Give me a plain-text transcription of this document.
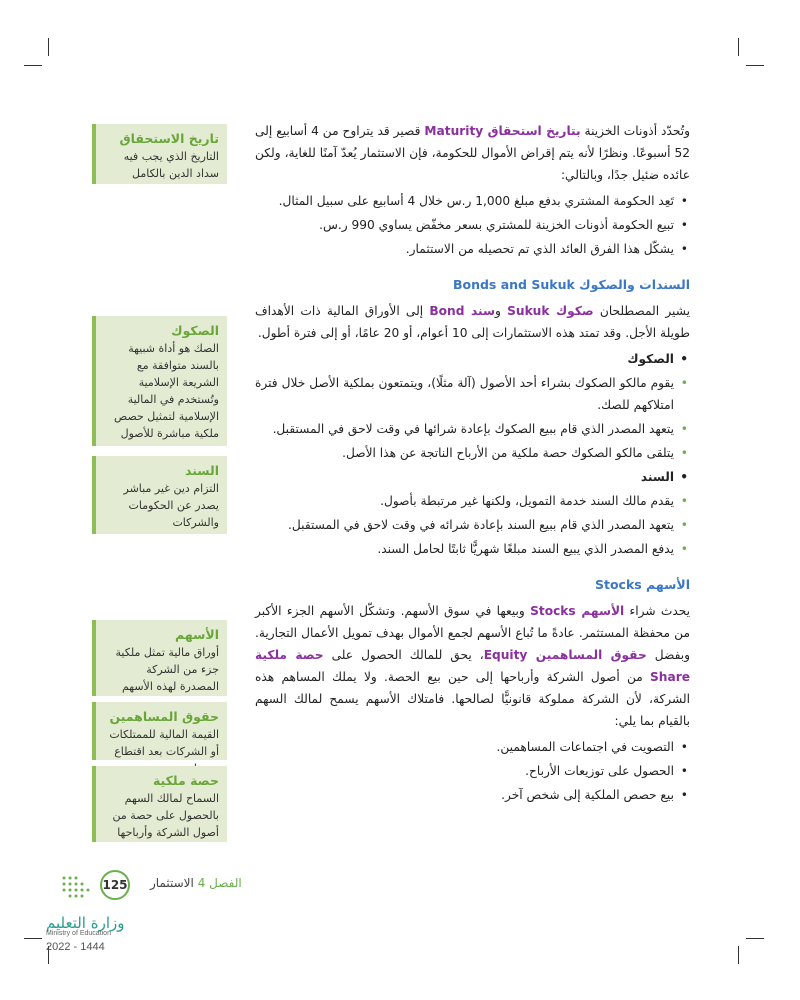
وتُحدّد أذونات الخزينة بتاريخ استحقاق Maturity قصير قد يتراوح من 4 أسابيع إلى 52 أسبوعًا. ونظرًا لأنه يتم إقراض الأموال للحكومة، فإن الاستثمار يُعدّ آمنًا للغاية، ولكن عائده ضئيل جدًا، وبالتالي:

• تَعِد الحكومة المشتري بدفع مبلغ 1,000 ر.س خلال 4 أسابيع على سبيل المثال.
• تبيع الحكومة أذونات الخزينة للمشتري بسعر مخفّض يساوي 990 ر.س.
• يشكّل هذا الفرق العائد الذي تم تحصيله من الاستثمار.
السندات والصكوك Bonds and Sukuk

يشير المصطلحان صكوك Sukuk وسند Bond إلى الأوراق المالية ذات الأهداف طويلة الأجل. وقد تمتد هذه الاستثمارات إلى 10 أعوام، أو 20 عامًا، أو إلى فترة أطول.

• الصكوك
• يقوم مالكو الصكوك بشراء أحد الأصول (آلة مثلًا)، ويتمتعون بملكية الأصل خلال فترة امتلاكهم للصك.
• يتعهد المصدر الذي قام ببيع الصكوك بإعادة شرائها في وقت لاحق في المستقبل.
• يتلقى مالكو الصكوك حصة ملكية من الأرباح الناتجة عن هذا الأصل.
• السند
• يقدم مالك السند خدمة التمويل، ولكنها غير مرتبطة بأصول.
• يتعهد المصدر الذي قام ببيع السند بإعادة شرائه في وقت لاحق في المستقبل.
• يدفع المصدر الذي يبيع السند مبلغًا شهريًّا ثابتًا لحامل السند.
الأسهم Stocks

يحدث شراء الأسهم Stocks وبيعها في سوق الأسهم. وتشكّل الأسهم الجزء الأكبر من محفظة المستثمر. عادةً ما تُباع الأسهم لجمع الأموال بهدف تمويل الأعمال التجارية. وبفضل حقوق المساهمين Equity، يحق للمالك الحصول على حصة ملكية Share من أصول الشركة وأرباحها إلى حين بيع الحصة. ولا يملك المساهم هذه الشركة، لأن الشركة مملوكة قانونيًّا لصالحها. فامتلاك الأسهم يسمح لمالك السهم بالقيام بما يلي:

• التصويت في اجتماعات المساهمين.
• الحصول على توزيعات الأرباح.
• بيع حصص الملكية إلى شخص آخر.
تاريخ الاستحقاق
التاريخ الذي يجب فيه سداد الدين بالكامل
الصكوك
الصك هو أداة شبيهة بالسند متوافقة مع الشريعة الإسلامية وتُستخدم في المالية الإسلامية لتمثيل حصص ملكية مباشرة للأصول
السند
التزام دين غير مباشر يصدر عن الحكومات والشركات
الأسهم
أوراق مالية تمثل ملكية جزء من الشركة المصدرة لهذه الأسهم
حقوق المساهمين
القيمة المالية للممتلكات أو الشركات بعد اقتطاع
حصة ملكية
السماح لمالك السهم بالحصول على حصة من أصول الشركة وأرباحها
125	الفصل 4 الاستثمار
وزارة التعليم
Ministry of Education
2022 - 1444
